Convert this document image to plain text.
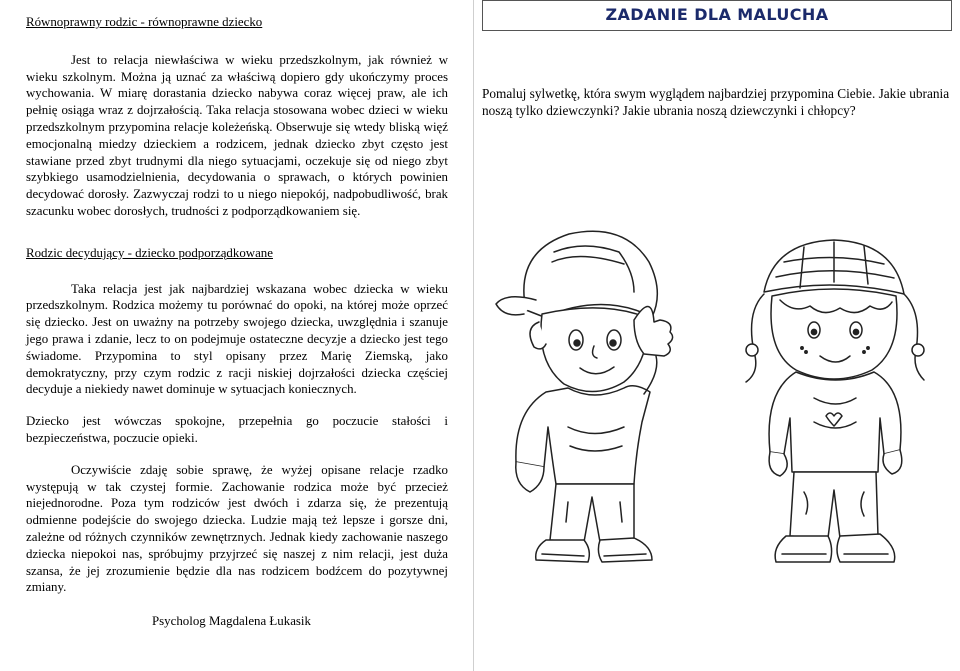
Równoprawny rodzic - równoprawne dziecko

Jest to relacja niewłaściwa w wieku przedszkolnym, jak również w wieku szkolnym. Można ją uznać za właściwą dopiero gdy ukończymy proces wychowania. W miarę dorastania dziecko nabywa coraz więcej praw, ale ich pełnię osiąga wraz z dojrzałością. Taka relacja stosowana wobec dzieci w wieku przedszkolnym przypomina relacje koleżeńską. Obserwuje się wtedy bliską więź emocjonalną miedzy dzieckiem a rodzicem, jednak dziecko zbyt często jest stawiane przed zbyt trudnymi dla niego sytuacjami, oczekuje się od niego zbyt szybkiego usamodzielnienia, decydowania o sprawach, o których powinien decydować dorosły. Zazwyczaj rodzi to u niego niepokój, nadpobudliwość, brak szacunku wobec dorosłych, trudności z podporządkowaniem się.

Rodzic decydujący - dziecko podporządkowane

Taka relacja jest jak najbardziej wskazana wobec dziecka w wieku przedszkolnym. Rodzica możemy tu porównać do opoki, na której może oprzeć się dziecko. Jest on uważny na potrzeby swojego dziecka, uwzględnia i szanuje jego prawa i zdanie, lecz to on podejmuje ostateczne decyzje a dziecko jest tego świadome. Przypomina to styl opisany przez Marię Ziemską, jako demokratyczny, przy czym rodzic z racji niskiej dojrzałości dziecka częściej decyduje a niekiedy nawet dominuje w sytuacjach koniecznych.

Dziecko jest wówczas spokojne, przepełnia go poczucie stałości i bezpieczeństwa, poczucie opieki.

Oczywiście zdaję sobie sprawę, że wyżej opisane relacje rzadko występują w tak czystej formie. Zachowanie rodzica może być przecież niejednorodne. Poza tym rodziców jest dwóch i zdarza się, że prezentują odmienne podejście do swojego dziecka. Ludzie mają też lepsze i gorsze dni, zależne od różnych czynników zewnętrznych. Jednak kiedy zachowanie naszego dziecka niepokoi nas, spróbujmy przyjrzeć się naszej z nim relacji, jest duża szansa, że jej zrozumienie będzie dla nas rodzicem bodźcem do pozytywnej zmiany.

Psycholog Magdalena Łukasik

ZADANIE DLA MALUCHA

Pomaluj sylwetkę, która swym wyglądem najbardziej przypomina Ciebie. Jakie ubrania noszą tylko dziewczynki? Jakie ubrania noszą dziewczynki i chłopcy?
